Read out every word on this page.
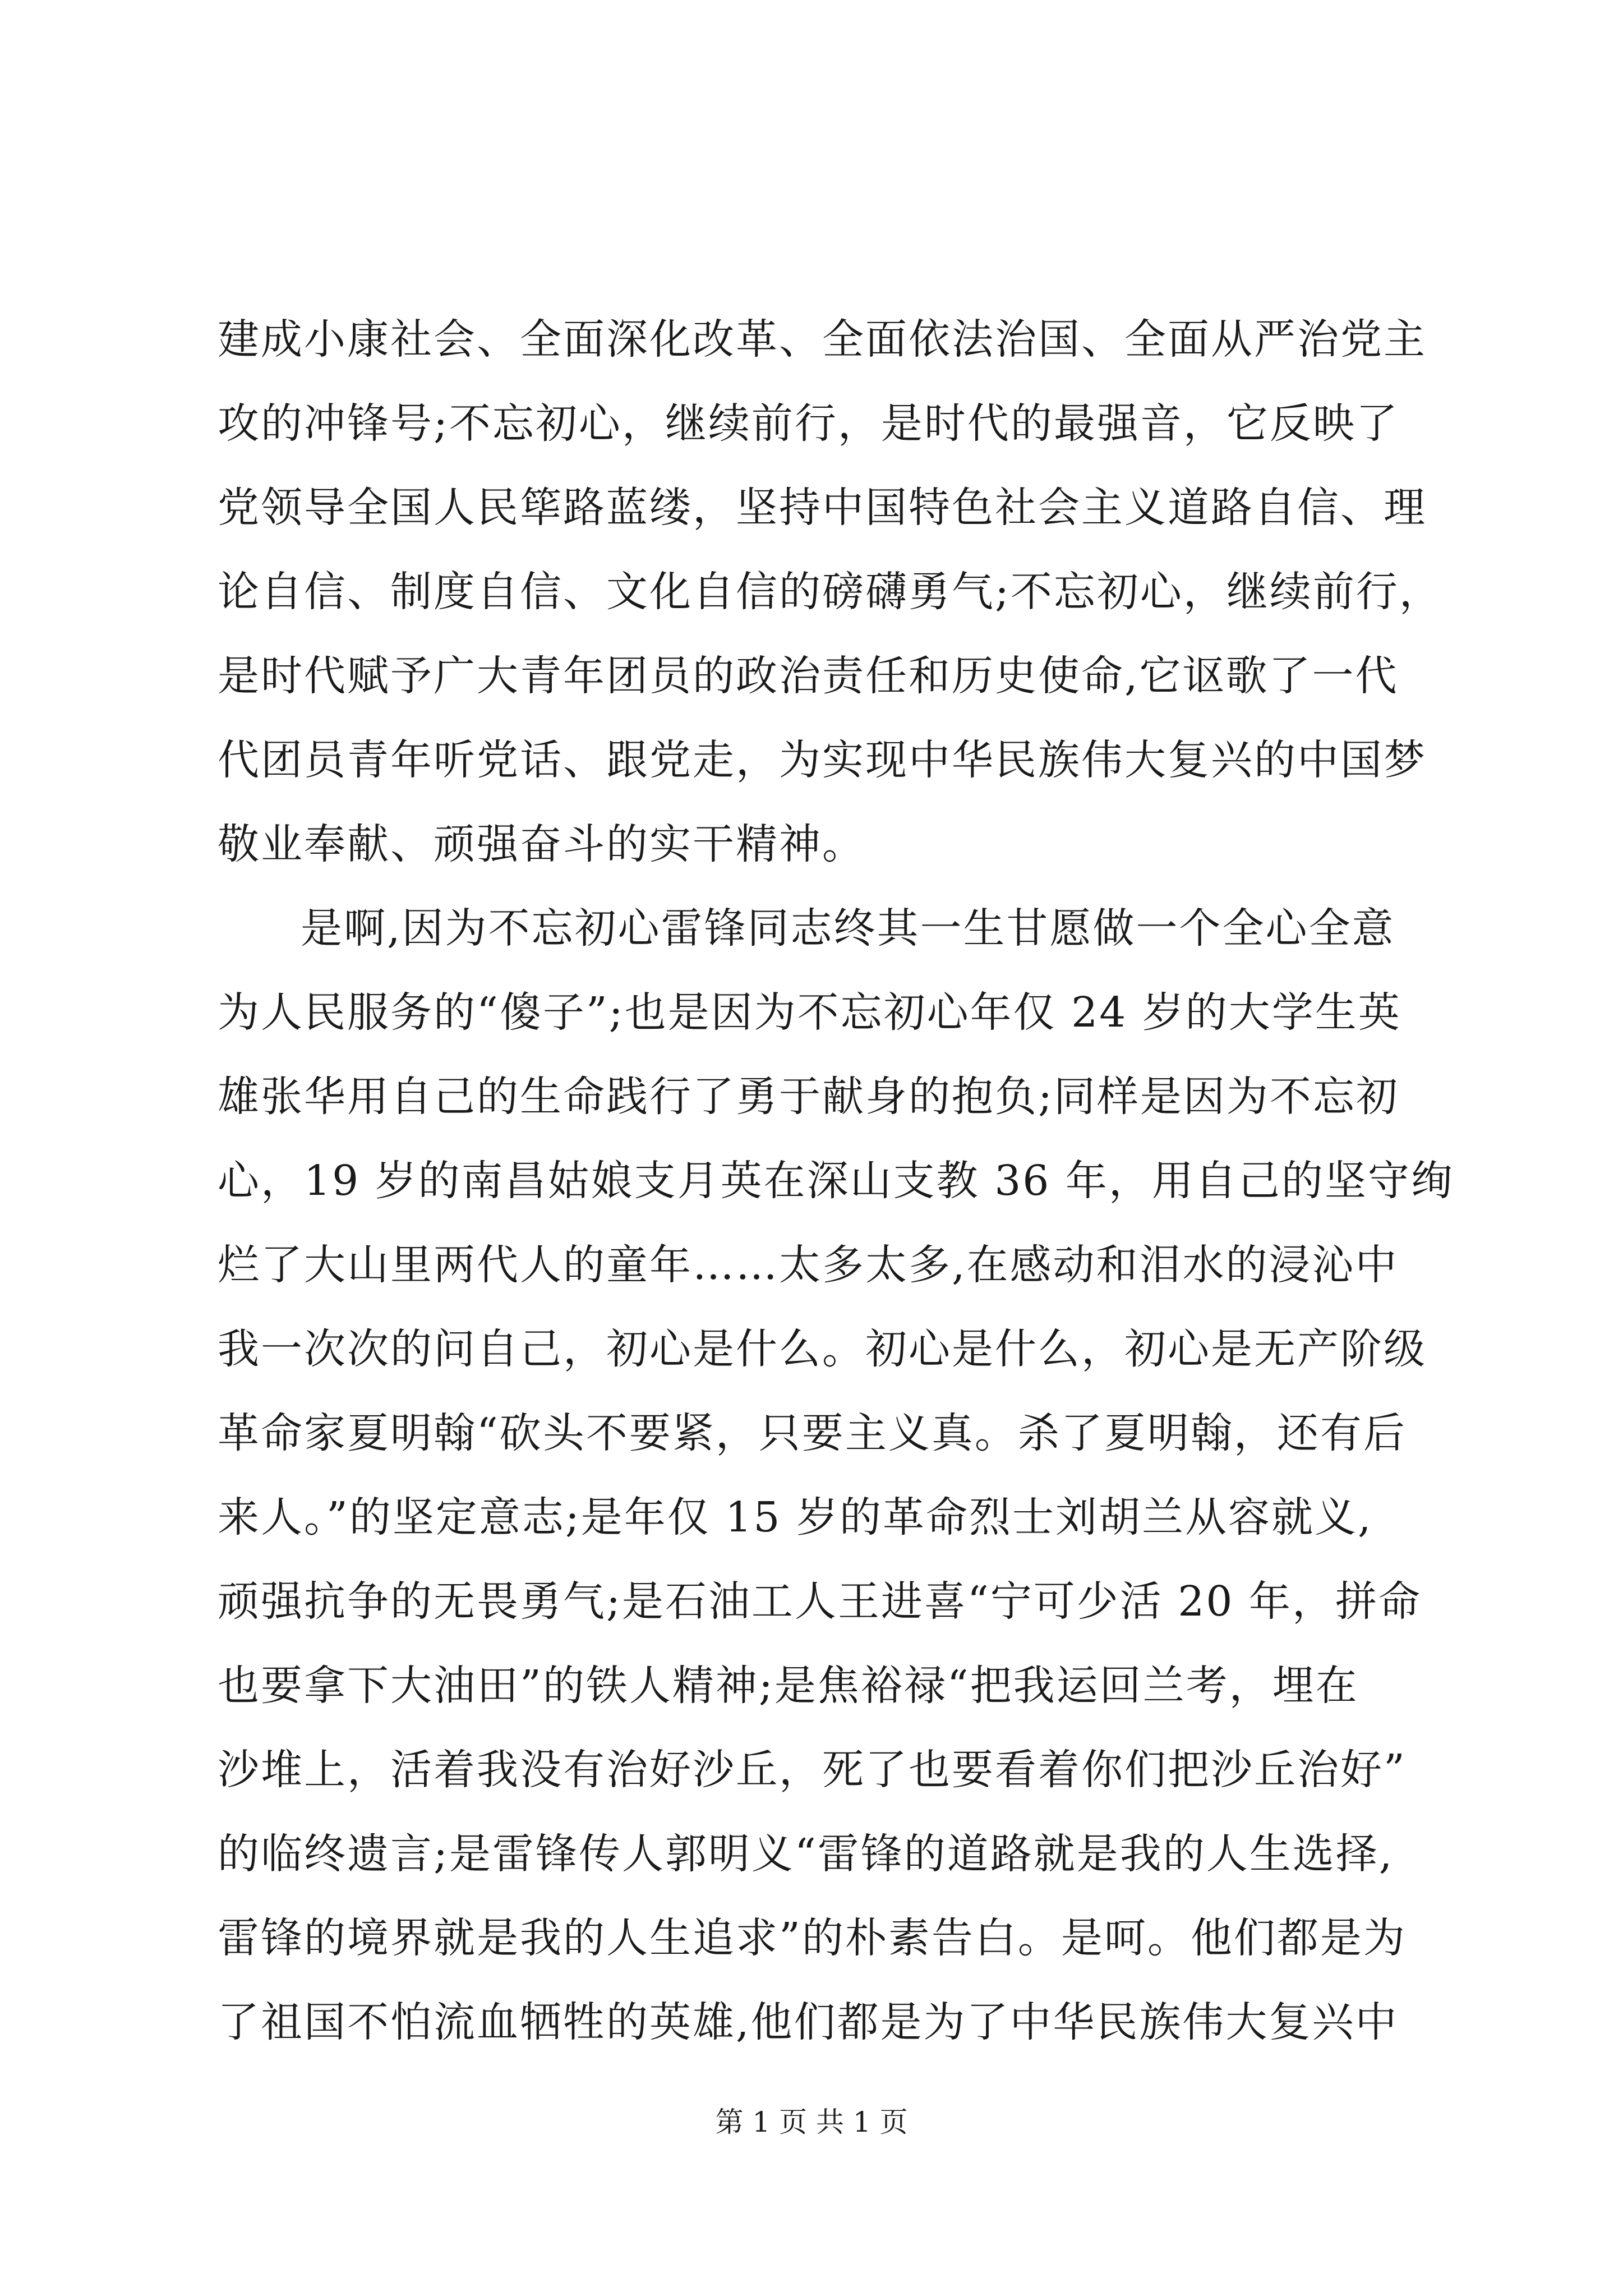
建成小康社会、全面深化改革、全面依法治国、全面从严治党主
攻的冲锋号;不忘初心，继续前行，是时代的最强音，它反映了
党领导全国人民筚路蓝缕，坚持中国特色社会主义道路自信、理
论自信、制度自信、文化自信的磅礴勇气;不忘初心，继续前行，
是时代赋予广大青年团员的政治责任和历史使命,它讴歌了一代
代团员青年听党话、跟党走，为实现中华民族伟大复兴的中国梦
敬业奉献、顽强奋斗的实干精神。
是啊,因为不忘初心雷锋同志终其一生甘愿做一个全心全意
为人民服务的“傻子”;也是因为不忘初心年仅 24 岁的大学生英
雄张华用自己的生命践行了勇于献身的抱负;同样是因为不忘初
心，19 岁的南昌姑娘支月英在深山支教 36 年，用自己的坚守绚
烂了大山里两代人的童年……太多太多,在感动和泪水的浸沁中
我一次次的问自己，初心是什么。初心是什么，初心是无产阶级
革命家夏明翰“砍头不要紧，只要主义真。杀了夏明翰，还有后
来人。”的坚定意志;是年仅 15 岁的革命烈士刘胡兰从容就义,
顽强抗争的无畏勇气;是石油工人王进喜“宁可少活 20 年，拼命
也要拿下大油田”的铁人精神;是焦裕禄“把我运回兰考，埋在
沙堆上，活着我没有治好沙丘，死了也要看着你们把沙丘治好”
的临终遗言;是雷锋传人郭明义“雷锋的道路就是我的人生选择,
雷锋的境界就是我的人生追求”的朴素告白。是呵。他们都是为
了祖国不怕流血牺牲的英雄,他们都是为了中华民族伟大复兴中
第 1 页 共 1 页
